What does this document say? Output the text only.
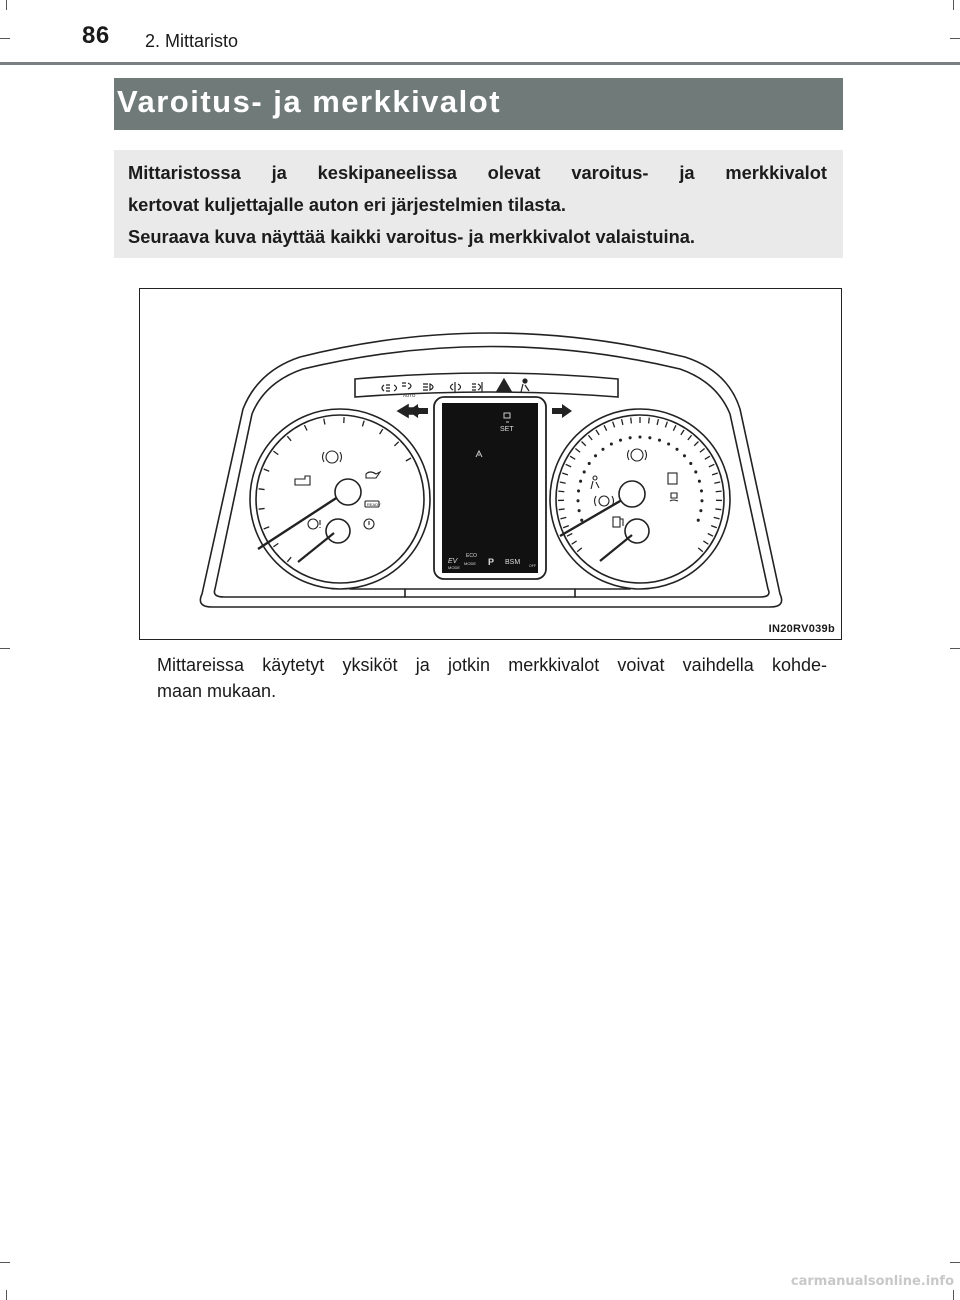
86 2. Mittaristo
Varoitus- ja merkkivalot

Mittaristossa ja keskipaneelissa olevat varoitus- ja merkkivalot

kertovat kuljettajalle auton eri järjestelmien tilasta.

Seuraava kuva näyttää kaikki varoitus- ja merkkivalot valaistuina.

SET
EV
MODE
ECO
MODE P BSM	OFF
AUTO
READY
IN20RV039b
Mittareissa käytetyt yksiköt ja jotkin merkkivalot voivat vaihdella kohde-
maan mukaan.
carmanualsonline.info
